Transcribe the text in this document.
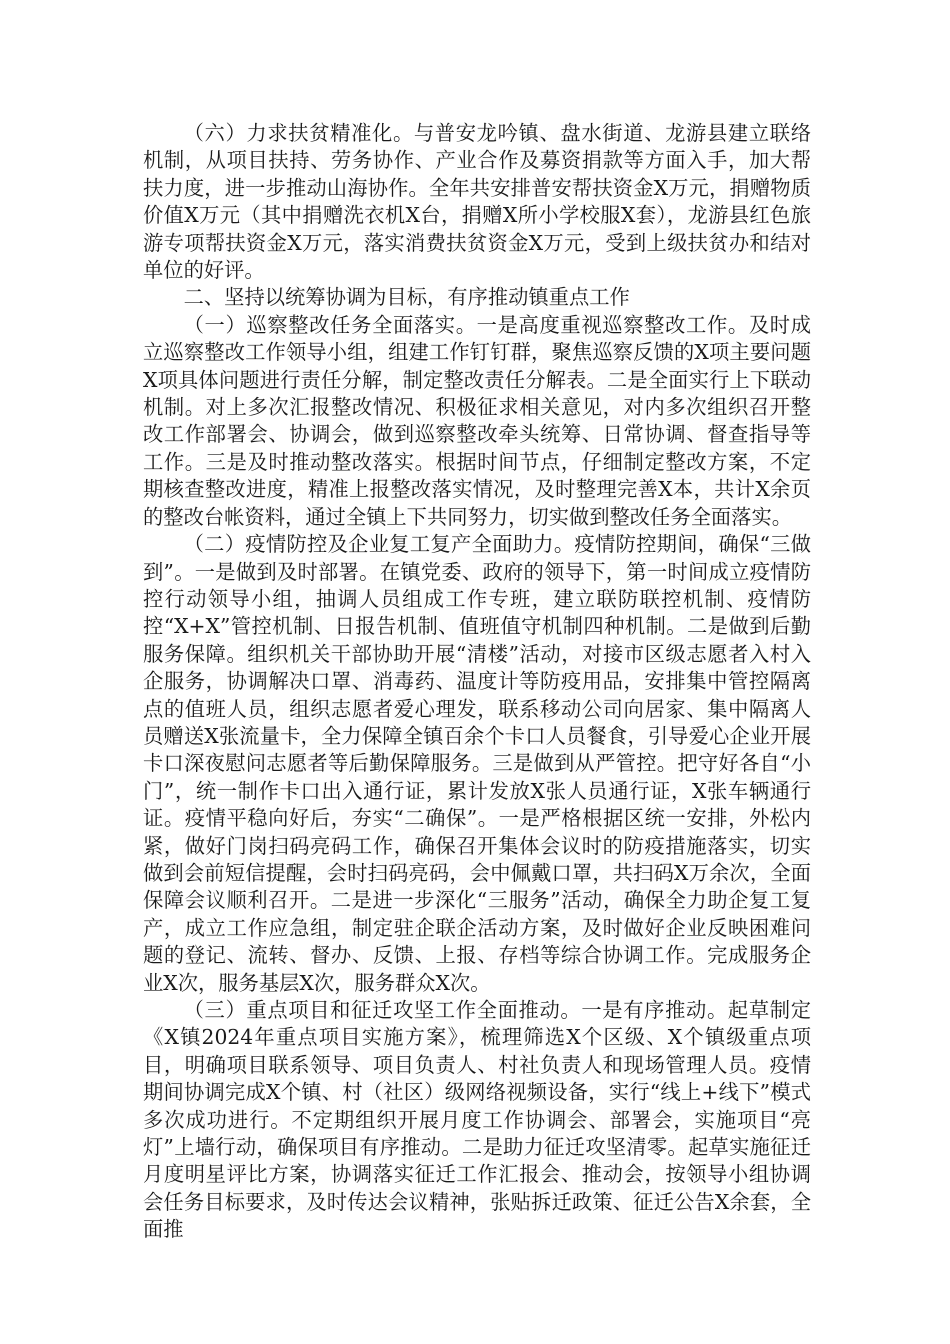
（六）力求扶贫精准化。与普安龙吟镇、盘水街道、龙游县建立联络机制，从项目扶持、劳务协作、产业合作及募资捐款等方面入手，加大帮扶力度，进一步推动山海协作。全年共安排普安帮扶资金X万元，捐赠物质价值X万元（其中捐赠洗衣机X台，捐赠X所小学校服X套），龙游县红色旅游专项帮扶资金X万元，落实消费扶贫资金X万元，受到上级扶贫办和结对单位的好评。

二、坚持以统筹协调为目标，有序推动镇重点工作

（一）巡察整改任务全面落实。一是高度重视巡察整改工作。及时成立巡察整改工作领导小组，组建工作钉钉群，聚焦巡察反馈的X项主要问题X项具体问题进行责任分解，制定整改责任分解表。二是全面实行上下联动机制。对上多次汇报整改情况、积极征求相关意见，对内多次组织召开整改工作部署会、协调会，做到巡察整改牵头统筹、日常协调、督查指导等工作。三是及时推动整改落实。根据时间节点，仔细制定整改方案，不定期核查整改进度，精准上报整改落实情况，及时整理完善X本，共计X余页的整改台帐资料，通过全镇上下共同努力，切实做到整改任务全面落实。

（二）疫情防控及企业复工复产全面助力。疫情防控期间，确保“三做到”。一是做到及时部署。在镇党委、政府的领导下，第一时间成立疫情防控行动领导小组，抽调人员组成工作专班，建立联防联控机制、疫情防控“X+X”管控机制、日报告机制、值班值守机制四种机制。二是做到后勤服务保障。组织机关干部协助开展“清楼”活动，对接市区级志愿者入村入企服务，协调解决口罩、消毒药、温度计等防疫用品，安排集中管控隔离点的值班人员，组织志愿者爱心理发，联系移动公司向居家、集中隔离人员赠送X张流量卡，全力保障全镇百余个卡口人员餐食，引导爱心企业开展卡口深夜慰问志愿者等后勤保障服务。三是做到从严管控。把守好各自“小门”，统一制作卡口出入通行证，累计发放X张人员通行证，X张车辆通行证。疫情平稳向好后，夯实“二确保”。一是严格根据区统一安排，外松内紧，做好门岗扫码亮码工作，确保召开集体会议时的防疫措施落实，切实做到会前短信提醒，会时扫码亮码，会中佩戴口罩，共扫码X万余次，全面保障会议顺利召开。二是进一步深化“三服务”活动，确保全力助企复工复产，成立工作应急组，制定驻企联企活动方案，及时做好企业反映困难问题的登记、流转、督办、反馈、上报、存档等综合协调工作。完成服务企业X次，服务基层X次，服务群众X次。

（三）重点项目和征迁攻坚工作全面推动。一是有序推动。起草制定《X镇2024年重点项目实施方案》，梳理筛选X个区级、X个镇级重点项目，明确项目联系领导、项目负责人、村社负责人和现场管理人员。疫情期间协调完成X个镇、村（社区）级网络视频设备，实行“线上+线下”模式多次成功进行。不定期组织开展月度工作协调会、部署会，实施项目“亮灯”上墙行动，确保项目有序推动。二是助力征迁攻坚清零。起草实施征迁月度明星评比方案，协调落实征迁工作汇报会、推动会，按领导小组协调会任务目标要求，及时传达会议精神，张贴拆迁政策、征迁公告X余套，全面推
